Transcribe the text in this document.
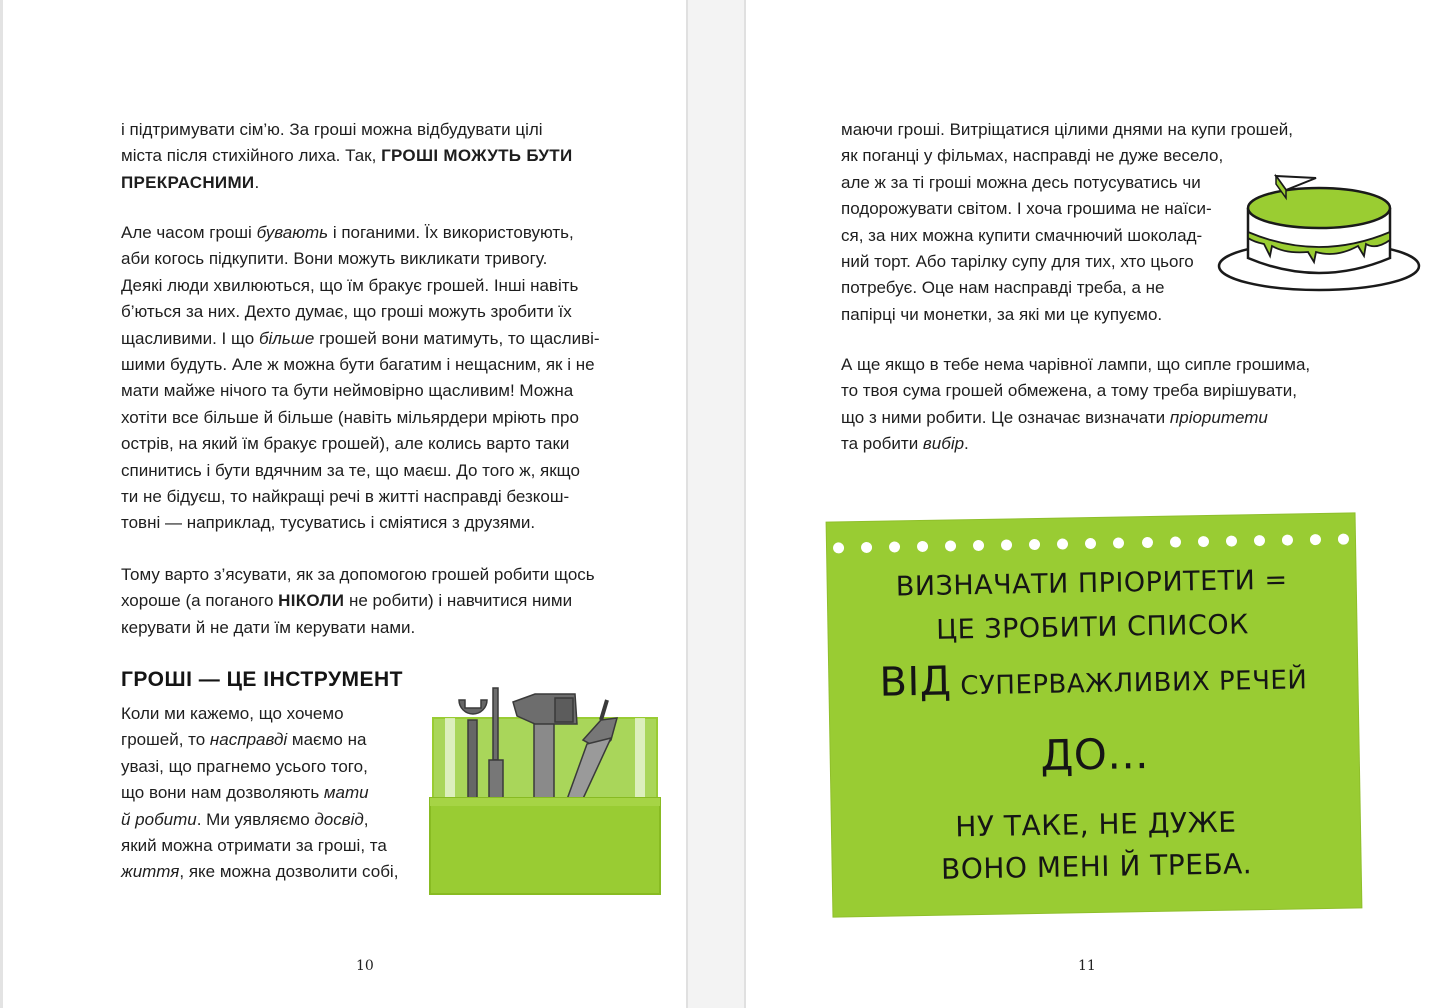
і підтримувати сім’ю. За гроші можна відбудувати цілі

міста після стихійного лиха. Так, ГРОШІ МОЖУТЬ БУТИ

ПРЕКРАСНИМИ.

Але часом гроші бувають і поганими. Їх використовують,

аби когось підкупити. Вони можуть викликати тривогу.

Деякі люди хвилюються, що їм бракує грошей. Інші навіть

б’ються за них. Дехто думає, що гроші можуть зробити їх

щасливими. І що більше грошей вони матимуть, то щасливі-

шими будуть. Але ж можна бути багатим і нещасним, як і не

мати майже нічого та бути неймовірно щасливим! Можна

хотіти все більше й більше (навіть мільярдери мріють про

острів, на який їм бракує грошей), але колись варто таки

спинитись і бути вдячним за те, що маєш. До того ж, якщо

ти не бідуєш, то найкращі речі в житті насправді безкош-

товні — наприклад, тусуватись і сміятися з друзями.

Тому варто з’ясувати, як за допомогою грошей робити щось

хороше (а поганого НІКОЛИ не робити) і навчитися ними

керувати й не дати їм керувати нами.

ГРОШІ — ЦЕ ІНСТРУМЕНТ

Коли ми кажемо, що хочемо

грошей, то насправді маємо на

увазі, що прагнемо усього того,

що вони нам дозволяють мати

й робити. Ми уявляємо досвід,

який можна отримати за гроші, та

життя, яке можна дозволити собі,

10

маючи гроші. Витріщатися цілими днями на купи грошей,

як поганці у фільмах, насправді не дуже весело,

але ж за ті гроші можна десь потусуватись чи

подорожувати світом. І хоча грошима не наїси-

ся, за них можна купити смачнючий шоколад-

ний торт. Або тарілку супу для тих, хто цього

потребує. Оце нам насправді треба, а не

папірці чи монетки, за які ми це купуємо.

А ще якщо в тебе нема чарівної лампи, що сипле грошима,

то твоя сума грошей обмежена, а тому треба вирішувати,

що з ними робити. Це означає визначати пріоритети

та робити вибір.

ВИЗНАЧАТИ ПРІОРИТЕТИ =
ЦЕ ЗРОБИТИ СПИСОК
ВІД СУПЕРВАЖЛИВИХ РЕЧЕЙ
ДО...
НУ ТАКЕ, НЕ ДУЖЕ
ВОНО МЕНІ Й ТРЕБА.
11
